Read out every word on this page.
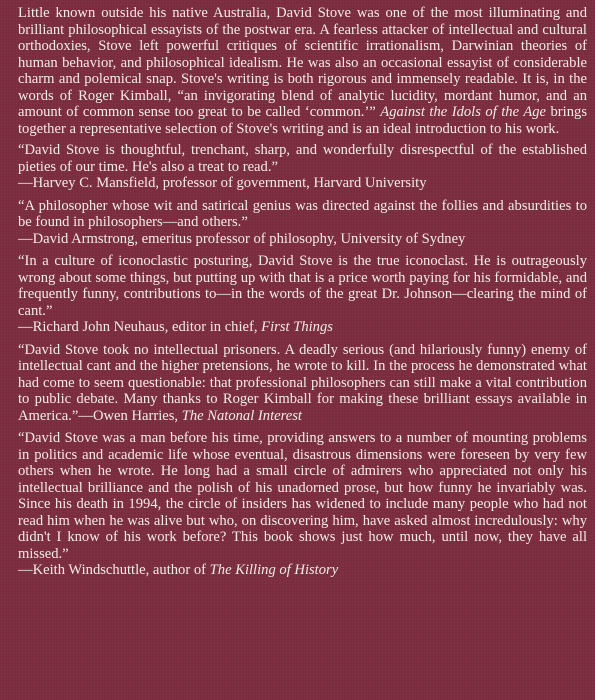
Little known outside his native Australia, David Stove was one of the most illuminating and brilliant philosophical essayists of the postwar era. A fearless attacker of intellectual and cultural orthodoxies, Stove left powerful critiques of scientific irrationalism, Darwinian theories of human behavior, and philosophical idealism. He was also an occasional essayist of considerable charm and polemical snap. Stove's writing is both rigorous and immensely readable. It is, in the words of Roger Kimball, “an invigorating blend of analytic lucidity, mordant humor, and an amount of common sense too great to be called ‘common.’” Against the Idols of the Age brings together a representative selection of Stove's writing and is an ideal introduction to his work.

“David Stove is thoughtful, trenchant, sharp, and wonderfully disrespectful of the established pieties of our time. He's also a treat to read.”

—Harvey C. Mansfield, professor of government, Harvard University

“A philosopher whose wit and satirical genius was directed against the follies and absurdities to be found in philosophers—and others.”

—David Armstrong, emeritus professor of philosophy, University of Sydney

“In a culture of iconoclastic posturing, David Stove is the true iconoclast. He is outrageously wrong about some things, but putting up with that is a price worth paying for his formidable, and frequently funny, contributions to—in the words of the great Dr. Johnson—clearing the mind of cant.”

—Richard John Neuhaus, editor in chief, First Things

“David Stove took no intellectual prisoners. A deadly serious (and hilariously funny) enemy of intellectual cant and the higher pretensions, he wrote to kill. In the process he demonstrated what had come to seem questionable: that professional philosophers can still make a vital contribution to public debate. Many thanks to Roger Kimball for making these brilliant essays available in America.”—Owen Harries, The Natonal Interest

“David Stove was a man before his time, providing answers to a number of mounting problems in politics and academic life whose eventual, disastrous dimensions were foreseen by very few others when he wrote. He long had a small circle of admirers who appreciated not only his intellectual brilliance and the polish of his unadorned prose, but how funny he invariably was. Since his death in 1994, the circle of insiders has widened to include many people who had not read him when he was alive but who, on discovering him, have asked almost incredulously: why didn't I know of his work before? This book shows just how much, until now, they have all missed.”

—Keith Windschuttle, author of The Killing of History
